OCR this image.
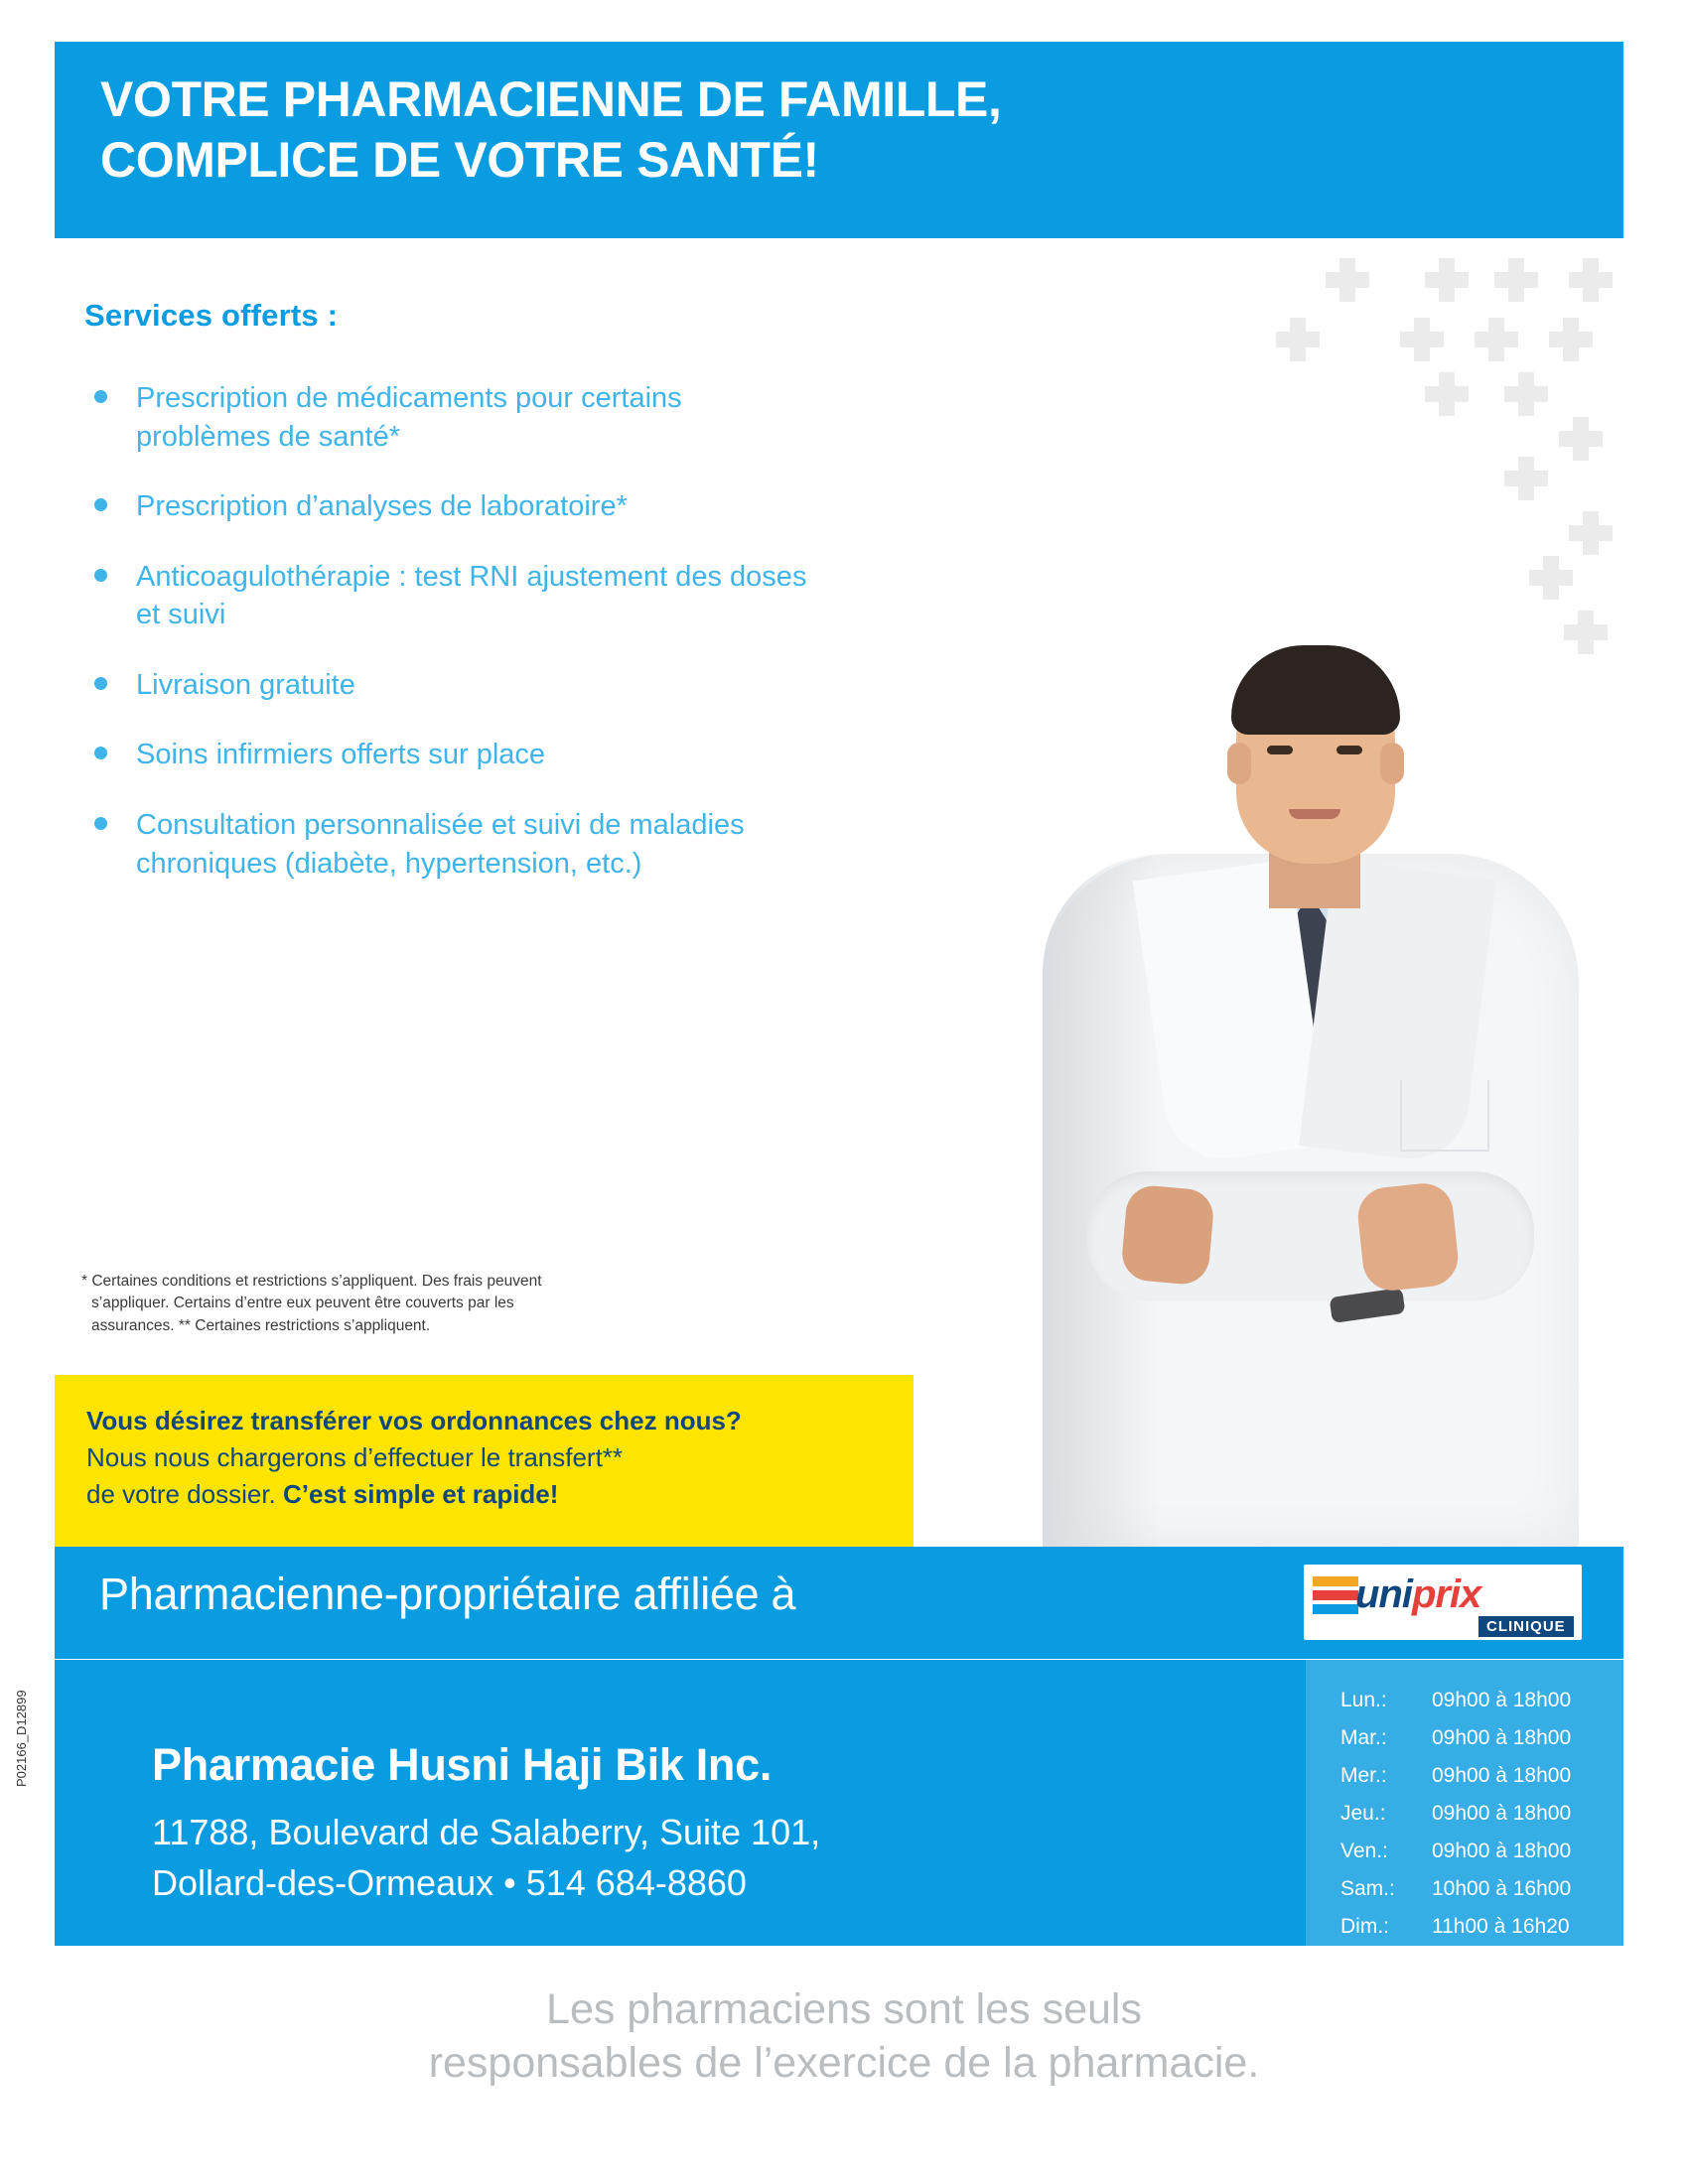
VOTRE PHARMACIENNE DE FAMILLE,
COMPLICE DE VOTRE SANTÉ!
Services offerts :
Prescription de médicaments pour certains problèmes de santé*
Prescription d’analyses de laboratoire*
Anticoagulothérapie : test RNI ajustement des doses et suivi
Livraison gratuite
Soins infirmiers offerts sur place
Consultation personnalisée et suivi de maladies chroniques (diabète, hypertension, etc.)
* Certaines conditions et restrictions s’appliquent. Des frais peuvent
s’appliquer. Certains d’entre eux peuvent être couverts par les
assurances. ** Certaines restrictions s’appliquent.
Vous désirez transférer vos ordonnances chez nous?
Nous nous chargerons d’effectuer le transfert**
de votre dossier. C’est simple et rapide!
Pharmacienne-propriétaire affiliée à	uniprix
CLINIQUE
Pharmacie Husni Haji Bik Inc.
11788, Boulevard de Salaberry, Suite 101,
Dollard-des-Ormeaux • 514 684-8860
Lun.:	09h00 à 18h00
Mar.:	09h00 à 18h00
Mer.:	09h00 à 18h00
Jeu.:	09h00 à 18h00
Ven.:	09h00 à 18h00
Sam.:	10h00 à 16h00
Dim.:	11h00 à 16h20
P02166_D12899
Les pharmaciens sont les seuls
responsables de l’exercice de la pharmacie.
